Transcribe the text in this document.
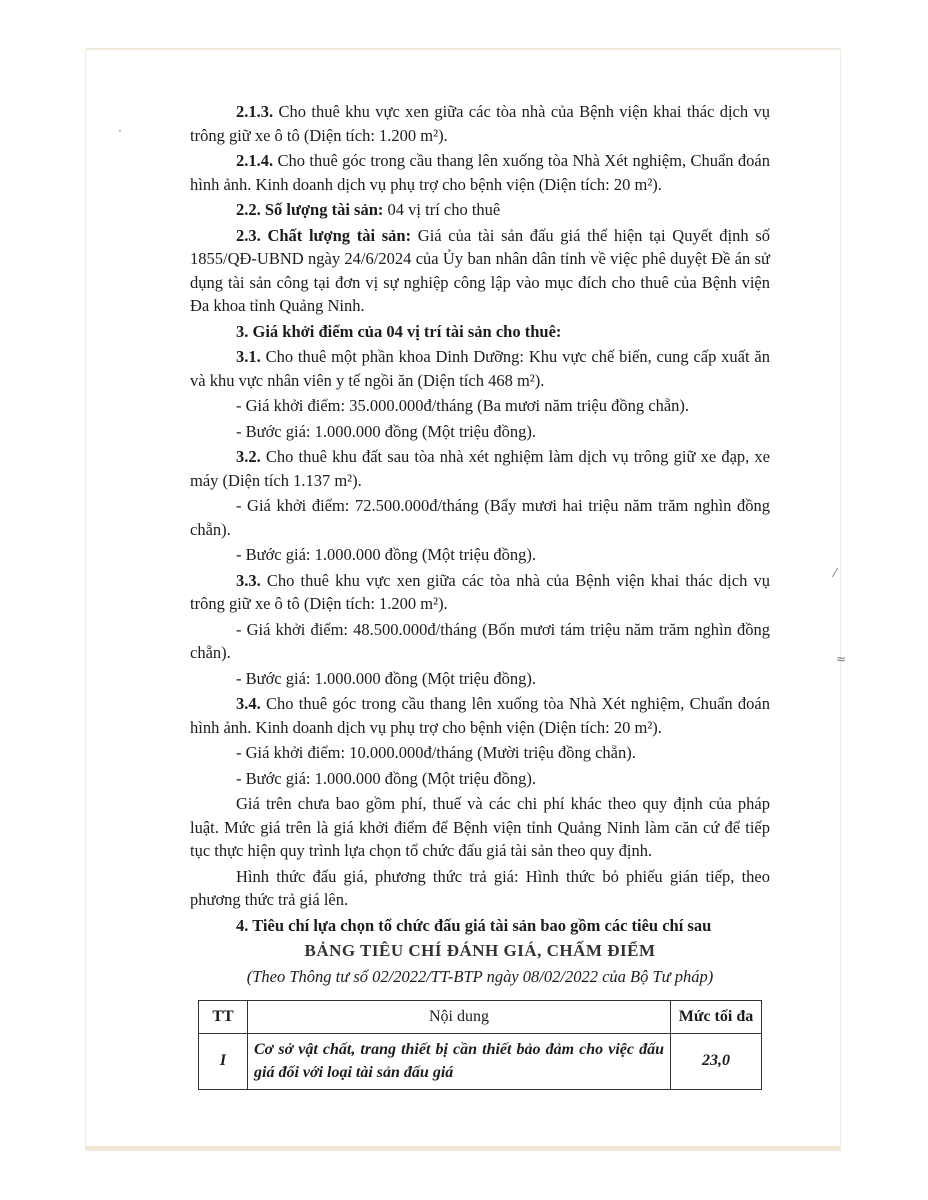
·
⁄
≈

2.1.3. Cho thuê khu vực xen giữa các tòa nhà của Bệnh viện khai thác dịch vụ trông giữ xe ô tô (Diện tích: 1.200 m²).

2.1.4. Cho thuê góc trong cầu thang lên xuống tòa Nhà Xét nghiệm, Chuẩn đoán hình ảnh. Kinh doanh dịch vụ phụ trợ cho bệnh viện (Diện tích: 20 m²).

2.2. Số lượng tài sản: 04 vị trí cho thuê

2.3. Chất lượng tài sản: Giá của tài sản đấu giá thể hiện tại Quyết định số 1855/QĐ-UBND ngày 24/6/2024 của Ủy ban nhân dân tỉnh về việc phê duyệt Đề án sử dụng tài sản công tại đơn vị sự nghiệp công lập vào mục đích cho thuê của Bệnh viện Đa khoa tỉnh Quảng Ninh.

3. Giá khởi điểm của 04 vị trí tài sản cho thuê:

3.1. Cho thuê một phần khoa Dinh Dưỡng: Khu vực chế biến, cung cấp xuất ăn và khu vực nhân viên y tế ngồi ăn (Diện tích 468 m²).

- Giá khởi điểm: 35.000.000đ/tháng (Ba mươi năm triệu đồng chẵn).

- Bước giá: 1.000.000 đồng (Một triệu đồng).

3.2. Cho thuê khu đất sau tòa nhà xét nghiệm làm dịch vụ trông giữ xe đạp, xe máy (Diện tích 1.137 m²).

- Giá khởi điểm: 72.500.000đ/tháng (Bẩy mươi hai triệu năm trăm nghìn đồng chẵn).

- Bước giá: 1.000.000 đồng (Một triệu đồng).

3.3. Cho thuê khu vực xen giữa các tòa nhà của Bệnh viện khai thác dịch vụ trông giữ xe ô tô (Diện tích: 1.200 m²).

- Giá khởi điểm: 48.500.000đ/tháng (Bốn mươi tám triệu năm trăm nghìn đồng chẵn).

- Bước giá: 1.000.000 đồng (Một triệu đồng).

3.4. Cho thuê góc trong cầu thang lên xuống tòa Nhà Xét nghiệm, Chuẩn đoán hình ảnh. Kinh doanh dịch vụ phụ trợ cho bệnh viện (Diện tích: 20 m²).

- Giá khởi điểm: 10.000.000đ/tháng (Mười triệu đồng chẵn).

- Bước giá: 1.000.000 đồng (Một triệu đồng).

Giá trên chưa bao gồm phí, thuế và các chi phí khác theo quy định của pháp luật. Mức giá trên là giá khởi điểm để Bệnh viện tỉnh Quảng Ninh làm căn cứ để tiếp tục thực hiện quy trình lựa chọn tổ chức đấu giá tài sản theo quy định.

Hình thức đấu giá, phương thức trả giá: Hình thức bỏ phiếu gián tiếp, theo phương thức trả giá lên.

4. Tiêu chí lựa chọn tổ chức đấu giá tài sản bao gồm các tiêu chí sau

BẢNG TIÊU CHÍ ĐÁNH GIÁ, CHẤM ĐIỂM

(Theo Thông tư số 02/2022/TT-BTP ngày 08/02/2022 của Bộ Tư pháp)

TT	Nội dung	Mức tối đa
I	Cơ sở vật chất, trang thiết bị cần thiết bảo đảm cho việc đấu giá đối với loại tài sản đấu giá	23,0
